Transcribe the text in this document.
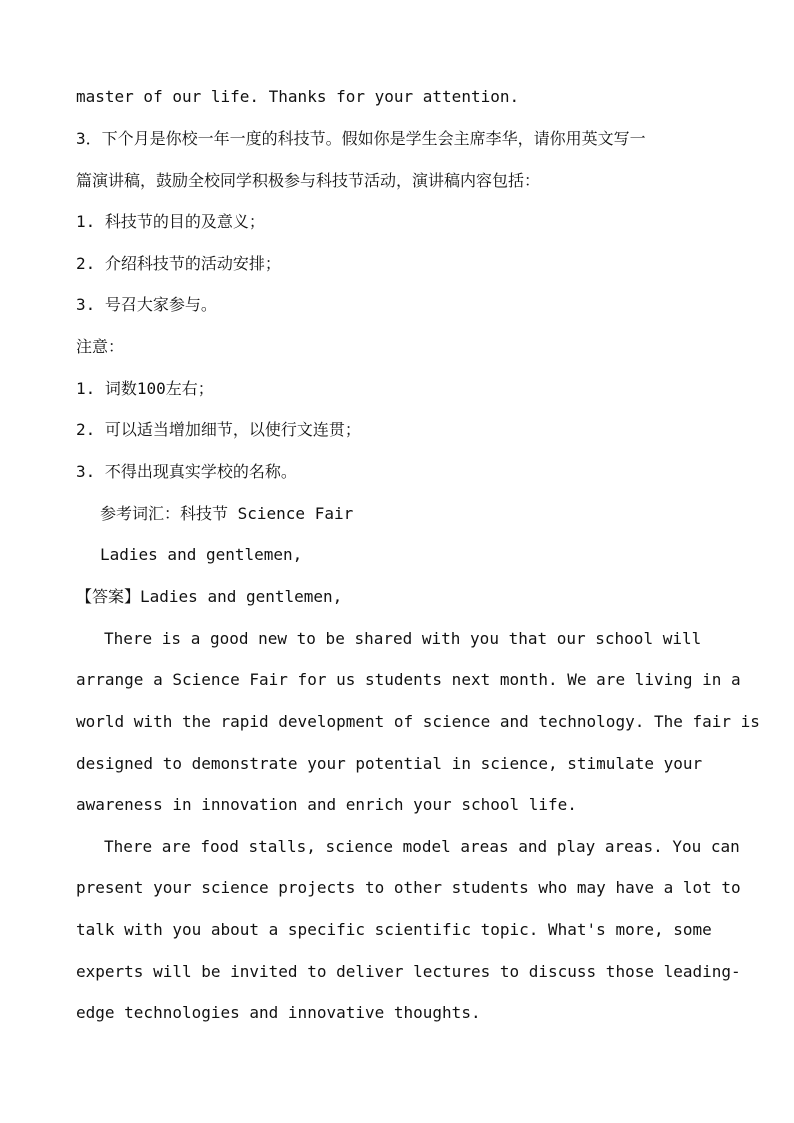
master of our life. Thanks for your attention.
3．下个月是你校一年一度的科技节。假如你是学生会主席李华，请你用英文写一
篇演讲稿，鼓励全校同学积极参与科技节活动，演讲稿内容包括：
1. 科技节的目的及意义；
2. 介绍科技节的活动安排；
3. 号召大家参与。
注意：
1. 词数100左右；
2. 可以适当增加细节，以使行文连贯；
3. 不得出现真实学校的名称。
参考词汇：科技节 Science Fair
Ladies and gentlemen,
【答案】Ladies and gentlemen,
There is a good new to be shared with you that our school will
arrange a Science Fair for us students next month. We are living in a
world with the rapid development of science and technology. The fair is
designed to demonstrate your potential in science, stimulate your
awareness in innovation and enrich your school life.
There are food stalls, science model areas and play areas. You can
present your science projects to other students who may have a lot to
talk with you about a specific scientific topic. What's more, some
experts will be invited to deliver lectures to discuss those leading-
edge technologies and innovative thoughts.
